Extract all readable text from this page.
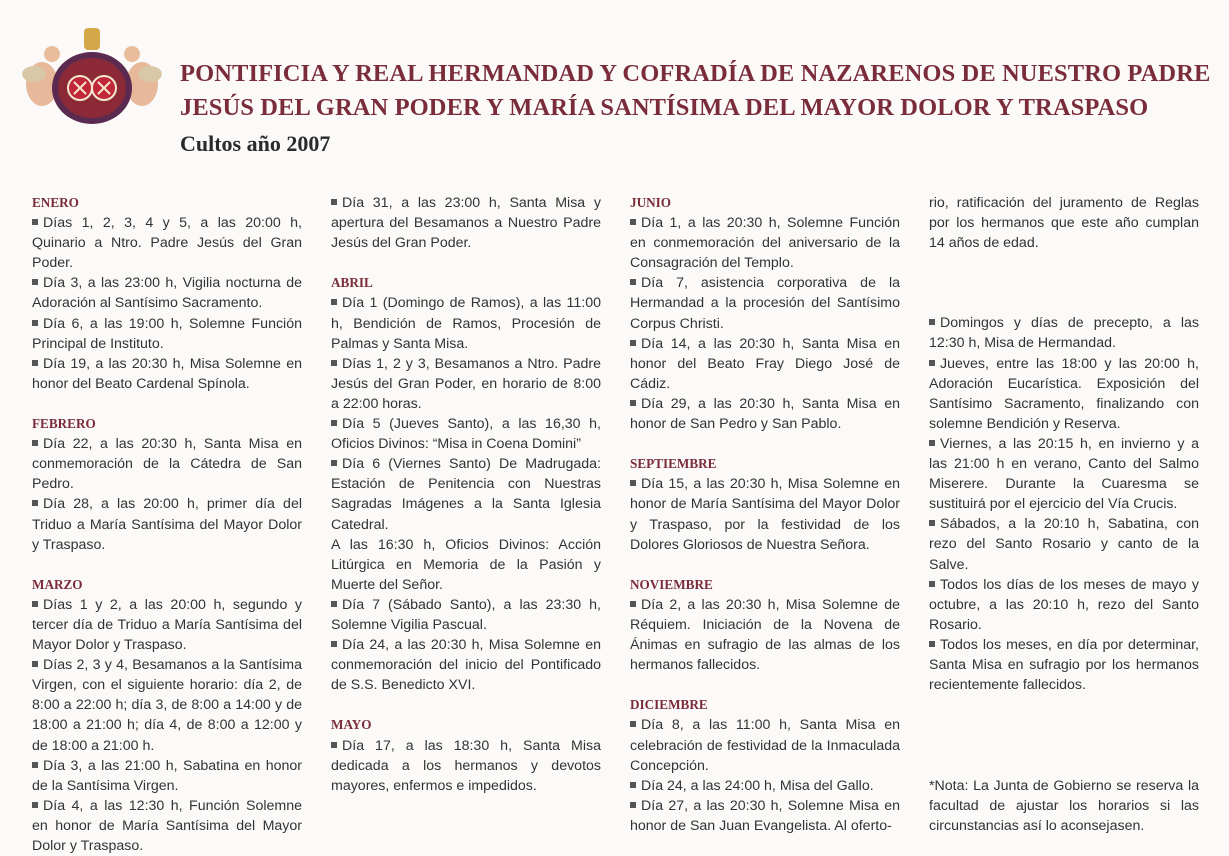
PONTIFICIA Y REAL HERMANDAD Y COFRADÍA DE NAZARENOS DE NUESTRO PADRE
JESÚS DEL GRAN PODER Y MARÍA SANTÍSIMA DEL MAYOR DOLOR Y TRASPASO
Cultos año 2007

ENERO

Días 1, 2, 3, 4 y 5, a las 20:00 h, Quinario a Ntro. Padre Jesús del Gran Poder.

Día 3, a las 23:00 h, Vigilia nocturna de Adoración al Santísimo Sacramento.

Día 6, a las 19:00 h, Solemne Función Principal de Instituto.

Día 19, a las 20:30 h, Misa Solemne en honor del Beato Cardenal Spínola.

FEBRERO

Día 22, a las 20:30 h, Santa Misa en conmemoración de la Cátedra de San Pedro.

Día 28, a las 20:00 h, primer día del Triduo a María Santísima del Mayor Dolor y Traspaso.

MARZO

Días 1 y 2, a las 20:00 h, segundo y tercer día de Triduo a María Santísima del Mayor Dolor y Traspaso.

Días 2, 3 y 4, Besamanos a la Santísima Virgen, con el siguiente horario: día 2, de 8:00 a 22:00 h; día 3, de 8:00 a 14:00 y de 18:00 a 21:00 h; día 4, de 8:00 a 12:00 y de 18:00 a 21:00 h.

Día 3, a las 21:00 h, Sabatina en honor de la Santísima Virgen.

Día 4, a las 12:30 h, Función Solemne en honor de María Santísima del Mayor Dolor y Traspaso.

Día 31, a las 23:00 h, Santa Misa y apertura del Besamanos a Nuestro Padre Jesús del Gran Poder.

ABRIL

Día 1 (Domingo de Ramos), a las 11:00 h, Bendición de Ramos, Procesión de Palmas y Santa Misa.

Días 1, 2 y 3, Besamanos a Ntro. Padre Jesús del Gran Poder, en horario de 8:00 a 22:00 horas.

Día 5 (Jueves Santo), a las 16,30 h, Oficios Divinos: “Misa in Coena Domini”

Día 6 (Viernes Santo) De Madrugada: Estación de Penitencia con Nuestras Sagradas Imágenes a la Santa Iglesia Catedral.

A las 16:30 h, Oficios Divinos: Acción Litúrgica en Memoria de la Pasión y Muerte del Señor.

Día 7 (Sábado Santo), a las 23:30 h, Solemne Vigilia Pascual.

Día 24, a las 20:30 h, Misa Solemne en conmemoración del inicio del Pontificado de S.S. Benedicto XVI.

MAYO

Día 17, a las 18:30 h, Santa Misa dedicada a los hermanos y devotos mayores, enfermos e impedidos.

JUNIO

Día 1, a las 20:30 h, Solemne Función en conmemoración del aniversario de la Consagración del Templo.

Día 7, asistencia corporativa de la Hermandad a la procesión del Santísimo Corpus Christi.

Día 14, a las 20:30 h, Santa Misa en honor del Beato Fray Diego José de Cádiz.

Día 29, a las 20:30 h, Santa Misa en honor de San Pedro y San Pablo.

SEPTIEMBRE

Día 15, a las 20:30 h, Misa Solemne en honor de María Santísima del Mayor Dolor y Traspaso, por la festividad de los Dolores Gloriosos de Nuestra Señora.

NOVIEMBRE

Día 2, a las 20:30 h, Misa Solemne de Réquiem. Iniciación de la Novena de Ánimas en sufragio de las almas de los hermanos fallecidos.

DICIEMBRE

Día 8, a las 11:00 h, Santa Misa en celebración de festividad de la Inmaculada Concepción.

Día 24, a las 24:00 h, Misa del Gallo.

Día 27, a las 20:30 h, Solemne Misa en honor de San Juan Evangelista. Al oferto-

rio, ratificación del juramento de Reglas por los hermanos que este año cumplan 14 años de edad.

Domingos y días de precepto, a las 12:30 h, Misa de Hermandad.

Jueves, entre las 18:00 y las 20:00 h, Adoración Eucarística. Exposición del Santísimo Sacramento, finalizando con solemne Bendición y Reserva.

Viernes, a las 20:15 h, en invierno y a las 21:00 h en verano, Canto del Salmo Miserere. Durante la Cuaresma se sustituirá por el ejercicio del Vía Crucis.

Sábados, a la 20:10 h, Sabatina, con rezo del Santo Rosario y canto de la Salve.

Todos los días de los meses de mayo y octubre, a las 20:10 h, rezo del Santo Rosario.

Todos los meses, en día por determinar, Santa Misa en sufragio por los hermanos recientemente fallecidos.

*Nota: La Junta de Gobierno se reserva la facultad de ajustar los horarios si las circunstancias así lo aconsejasen.
